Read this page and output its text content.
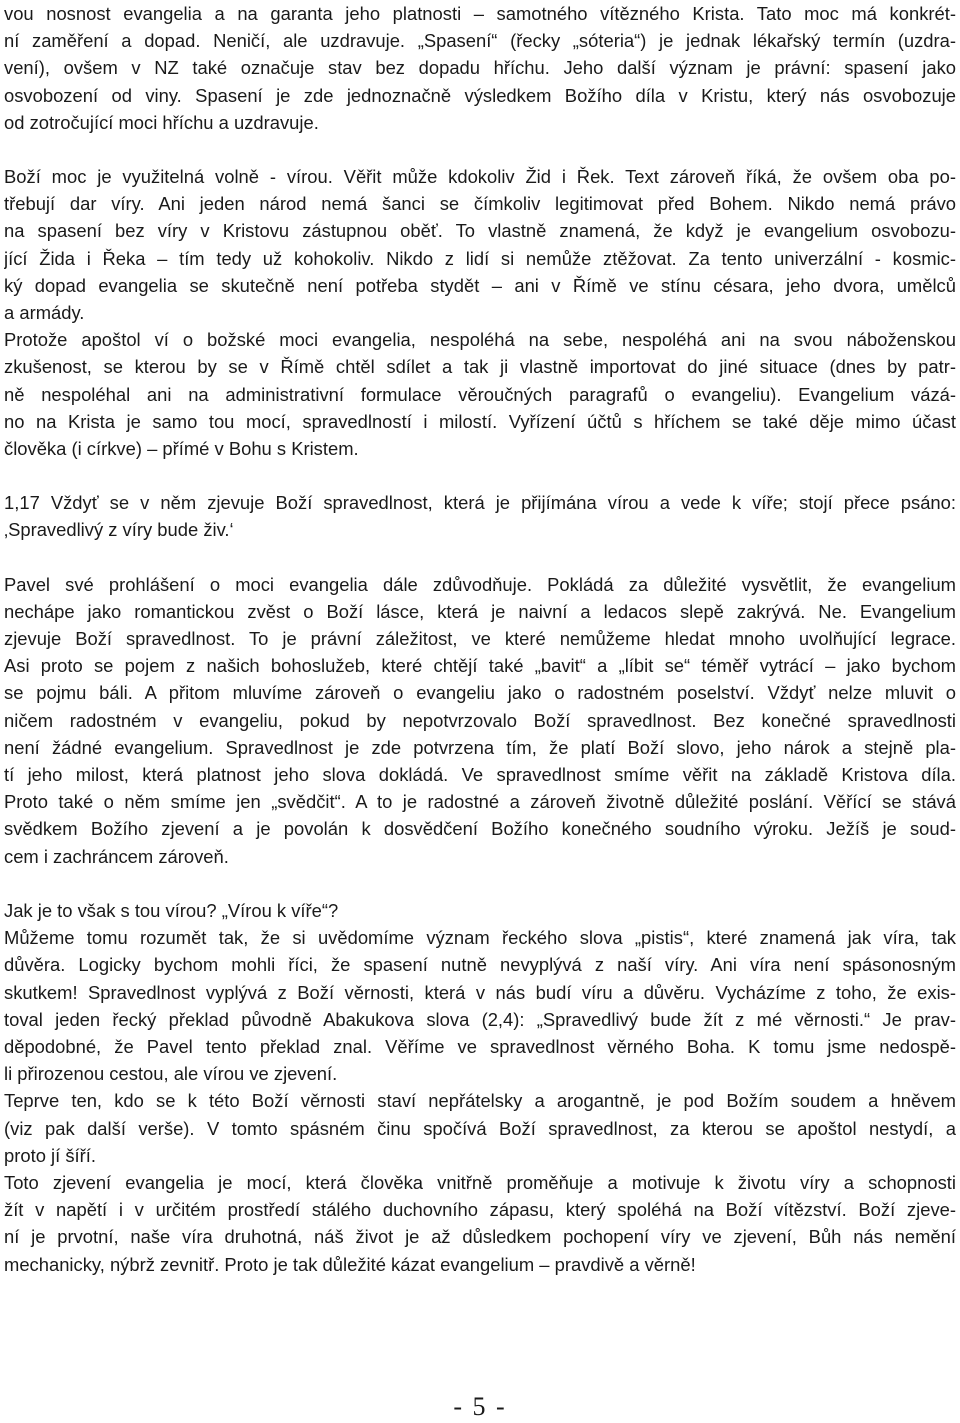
vou nosnost evangelia a na garanta jeho platnosti – samotného vítězného Krista. Tato moc má konkrét-
ní zaměření a dopad. Neničí, ale uzdravuje. „Spasení“ (řecky „sóteria“) je jednak lékařský termín (uzdra-
vení), ovšem v NZ také označuje stav bez dopadu hříchu. Jeho další význam je právní: spasení jako
osvobození od viny. Spasení je zde jednoznačně výsledkem Božího díla v Kristu, který nás osvobozuje
od zotročující moci hříchu a uzdravuje.

Boží moc je využitelná volně - vírou. Věřit může kdokoliv Žid i Řek. Text zároveň říká, že ovšem oba po-
třebují dar víry. Ani jeden národ nemá šanci se čímkoliv legitimovat před Bohem. Nikdo nemá právo
na spasení bez víry v Kristovu zástupnou oběť. To vlastně znamená, že když je evangelium osvobozu-
jící Žida i Řeka – tím tedy už kohokoliv. Nikdo z lidí si nemůže ztěžovat. Za tento univerzální - kosmic-
ký dopad evangelia se skutečně není potřeba stydět – ani v Římě ve stínu césara, jeho dvora, umělců
a armády.
Protože apoštol ví o božské moci evangelia, nespoléhá na sebe, nespoléhá ani na svou náboženskou
zkušenost, se kterou by se v Římě chtěl sdílet a tak ji vlastně importovat do jiné situace (dnes by patr-
ně nespoléhal ani na administrativní formulace věroučných paragrafů o evangeliu). Evangelium vázá-
no na Krista je samo tou mocí, spravedlností i milostí. Vyřízení účtů s hříchem se také děje mimo účast
člověka (i církve) – přímé v Bohu s Kristem.

1,17 Vždyť se v něm zjevuje Boží spravedlnost, která je přijímána vírou a vede k víře; stojí přece psáno:
‚Spravedlivý z víry bude živ.‘

Pavel své prohlášení o moci evangelia dále zdůvodňuje. Pokládá za důležité vysvětlit, že evangelium
nechápe jako romantickou zvěst o Boží lásce, která je naivní a ledacos slepě zakrývá. Ne. Evangelium
zjevuje Boží spravedlnost. To je právní záležitost, ve které nemůžeme hledat mnoho uvolňující legrace.
Asi proto se pojem z našich bohoslužeb, které chtějí také „bavit“ a „líbit se“ téměř vytrácí – jako bychom
se pojmu báli. A přitom mluvíme zároveň o evangeliu jako o radostném poselství. Vždyť nelze mluvit o
ničem radostném v evangeliu, pokud by nepotvrzovalo Boží spravedlnost. Bez konečné spravedlnosti
není žádné evangelium. Spravedlnost je zde potvrzena tím, že platí Boží slovo, jeho nárok a stejně pla-
tí jeho milost, která platnost jeho slova dokládá. Ve spravedlnost smíme věřit na základě Kristova díla.
Proto také o něm smíme jen „svědčit“. A to je radostné a zároveň životně důležité poslání. Věřící se stává
svědkem Božího zjevení a je povolán k dosvědčení Božího konečného soudního výroku. Ježíš je soud-
cem i zachráncem zároveň.

Jak je to však s tou vírou? „Vírou k víře“?
Můžeme tomu rozumět tak, že si uvědomíme význam řeckého slova „pistis“, které znamená jak víra, tak
důvěra. Logicky bychom mohli říci, že spasení nutně nevyplývá z naší víry. Ani víra není spásonosným
skutkem! Spravedlnost vyplývá z Boží věrnosti, která v nás budí víru a důvěru. Vycházíme z toho, že exis-
toval jeden řecký překlad původně Abakukova slova (2,4): „Spravedlivý bude žít z mé věrnosti.“ Je prav-
děpodobné, že Pavel tento překlad znal. Věříme ve spravedlnost věrného Boha. K tomu jsme nedospě-
li přirozenou cestou, ale vírou ve zjevení.
Teprve ten, kdo se k této Boží věrnosti staví nepřátelsky a arogantně, je pod Božím soudem a hněvem
(viz pak další verše). V tomto spásném činu spočívá Boží spravedlnost, za kterou se apoštol nestydí, a
proto jí šíří.
Toto zjevení evangelia je mocí, která člověka vnitřně proměňuje a motivuje k životu víry a schopnosti
žít v napětí i v určitém prostředí stálého duchovního zápasu, který spoléhá na Boží vítězství. Boží zjeve-
ní je prvotní, naše víra druhotná, náš život je až důsledkem pochopení víry ve zjevení, Bůh nás nemění
mechanicky, nýbrž zevnitř. Proto je tak důležité kázat evangelium – pravdivě a věrně!

- 5 -
